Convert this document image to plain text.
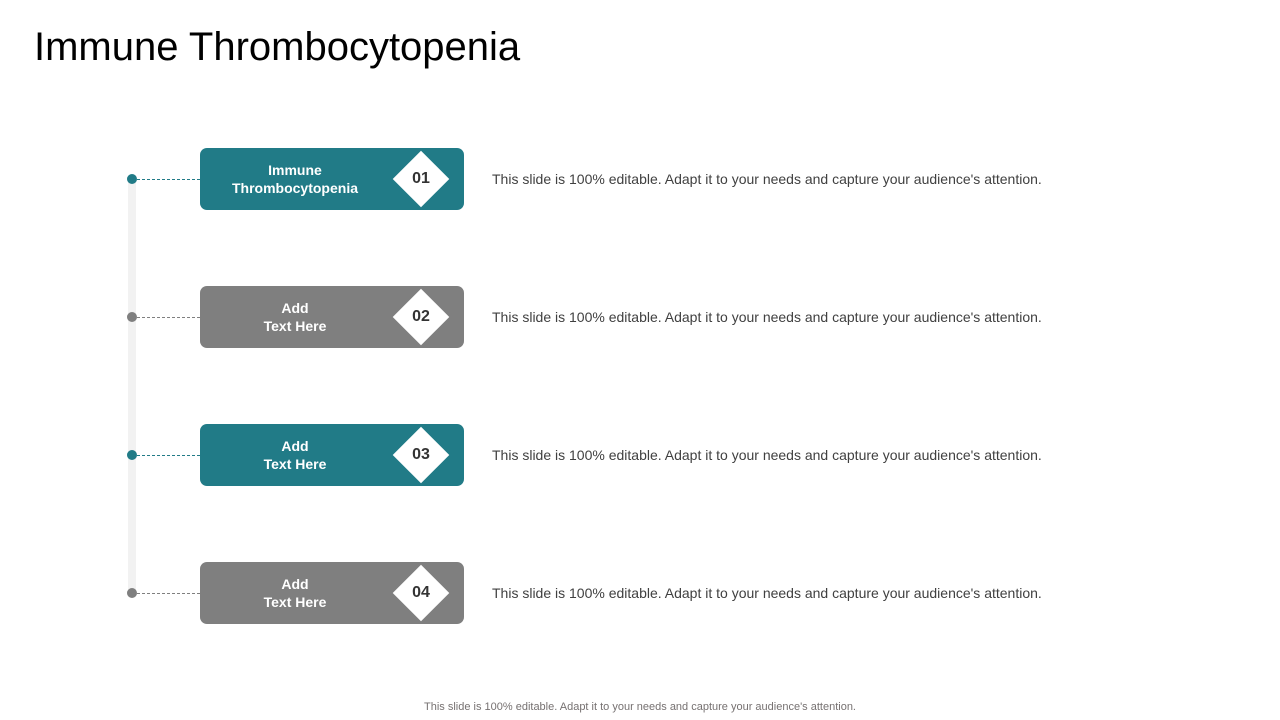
Immune Thrombocytopenia
Immune
Thrombocytopenia
01	This slide is 100% editable. Adapt it to your needs and capture your audience's attention.
Add
Text Here
02	This slide is 100% editable. Adapt it to your needs and capture your audience's attention.
Add
Text Here
03	This slide is 100% editable. Adapt it to your needs and capture your audience's attention.
Add
Text Here
04	This slide is 100% editable. Adapt it to your needs and capture your audience's attention.
This slide is 100% editable. Adapt it to your needs and capture your audience's attention.
